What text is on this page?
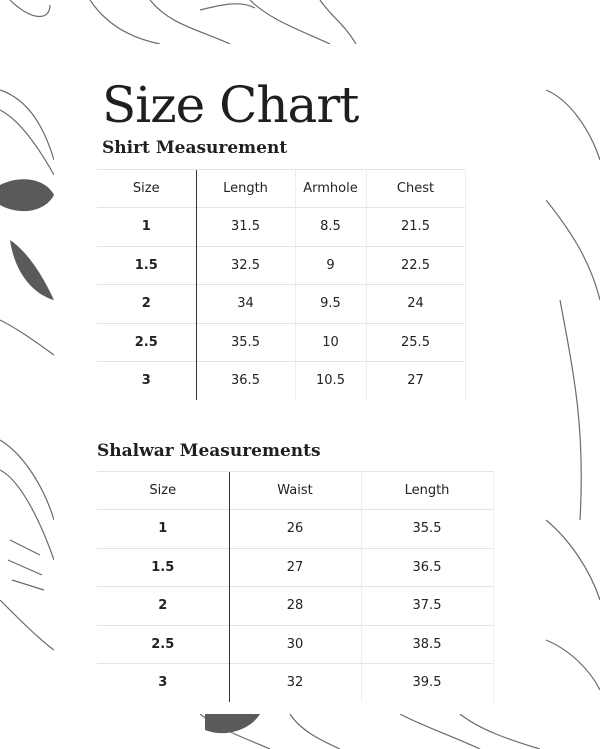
Size Chart
Shirt Measurement
Size	Length	Armhole	Chest
1	31.5	8.5	21.5
1.5	32.5	9	22.5
2	34	9.5	24
2.5	35.5	10	25.5
3	36.5	10.5	27
Shalwar Measurements
Size	Waist	Length
1	26	35.5
1.5	27	36.5
2	28	37.5
2.5	30	38.5
3	32	39.5
